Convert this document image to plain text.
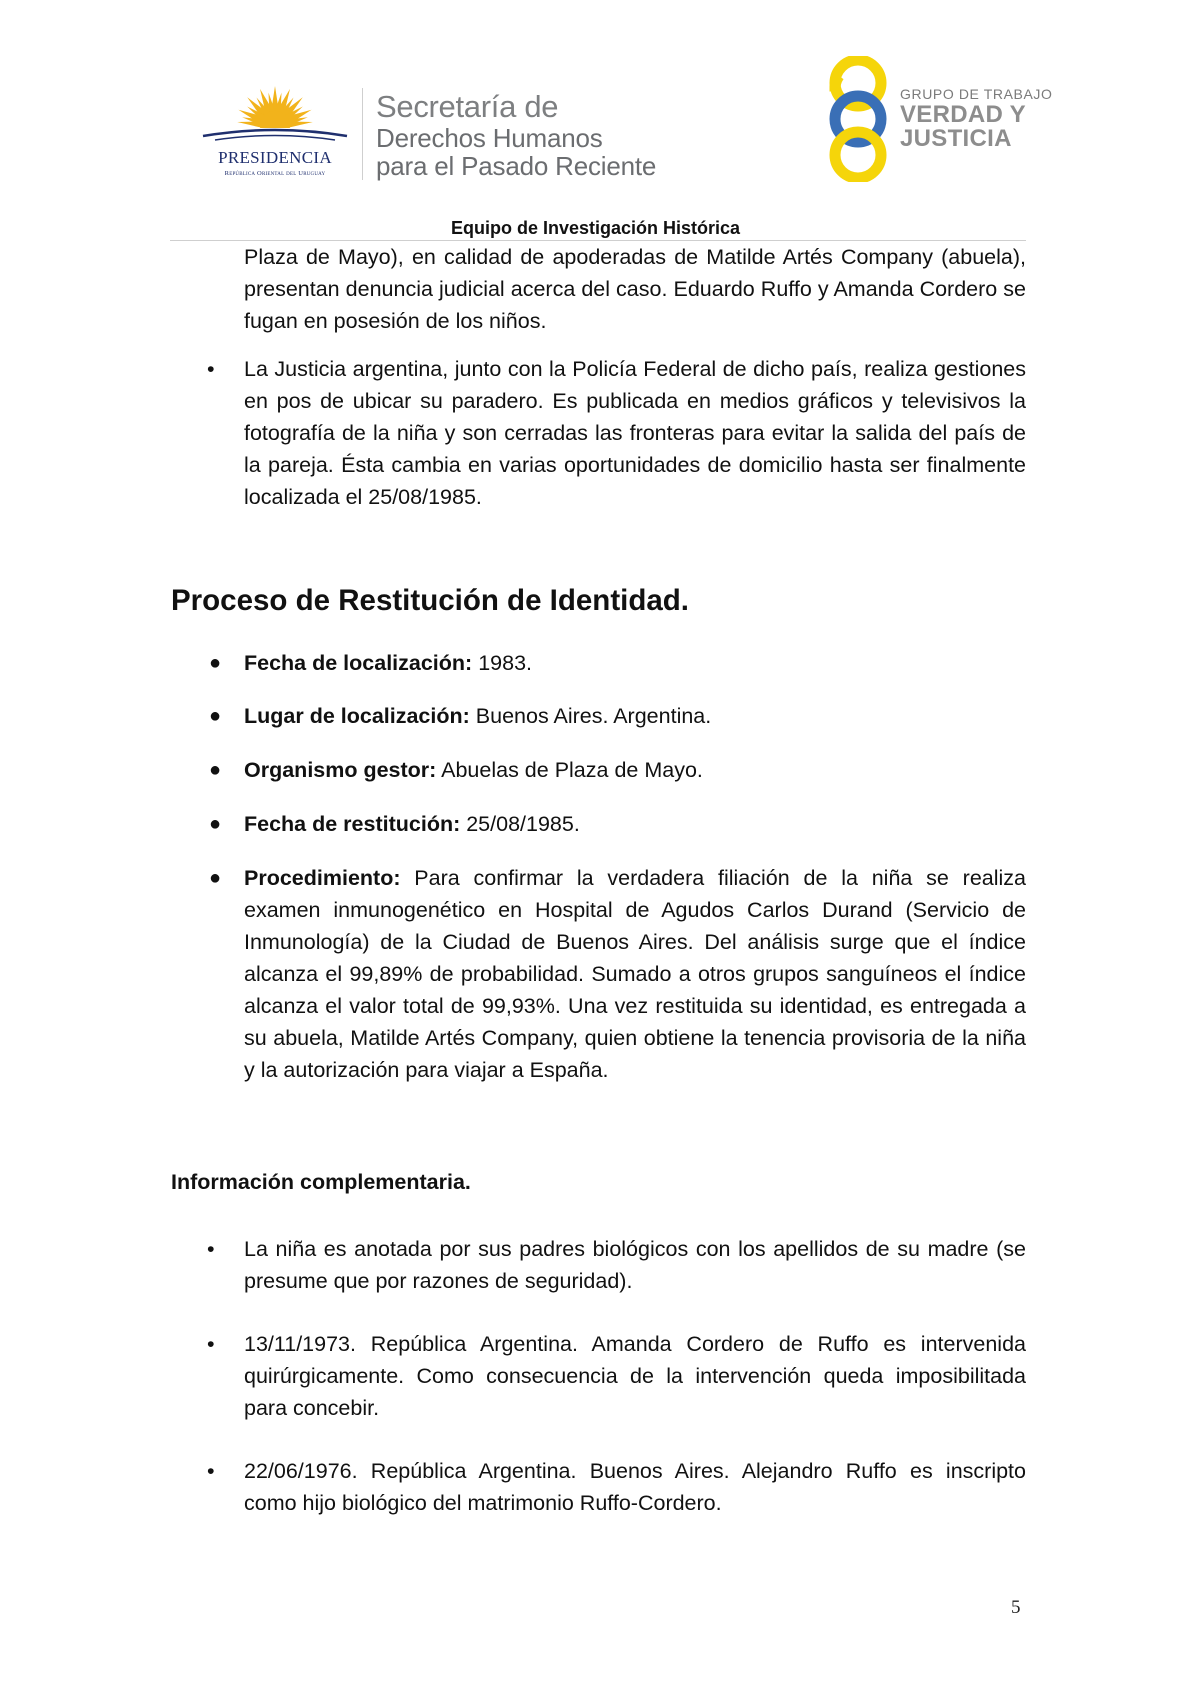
PRESIDENCIA
República Oriental del Uruguay
Secretaría de
Derechos Humanos
para el Pasado Reciente
GRUPO DE TRABAJO
VERDAD Y
JUSTICIA
Equipo de Investigación Histórica
Plaza de Mayo), en calidad de apoderadas de Matilde Artés Company (abuela), presentan denuncia judicial acerca del caso. Eduardo Ruffo y Amanda Cordero se fugan en posesión de los niños.
• La Justicia argentina, junto con la Policía Federal de dicho país, realiza gestiones en pos de ubicar su paradero. Es publicada en medios gráficos y televisivos la fotografía de la niña y son cerradas las fronteras para evitar la salida del país de la pareja. Ésta cambia en varias oportunidades de domicilio hasta ser finalmente localizada el 25/08/1985.
Proceso de Restitución de Identidad.
● Fecha de localización: 1983.
● Lugar de localización: Buenos Aires. Argentina.
● Organismo gestor: Abuelas de Plaza de Mayo.
● Fecha de restitución: 25/08/1985.
● Procedimiento: Para confirmar la verdadera filiación de la niña se realiza examen inmunogenético en Hospital de Agudos Carlos Durand (Servicio de Inmunología) de la Ciudad de Buenos Aires. Del análisis surge que el índice alcanza el 99,89% de probabilidad. Sumado a otros grupos sanguíneos el índice alcanza el valor total de 99,93%. Una vez restituida su identidad, es entregada a su abuela, Matilde Artés Company, quien obtiene la tenencia provisoria de la niña y la autorización para viajar a España.
Información complementaria.
• La niña es anotada por sus padres biológicos con los apellidos de su madre (se presume que por razones de seguridad).
• 13/11/1973. República Argentina. Amanda Cordero de Ruffo es intervenida quirúrgicamente. Como consecuencia de la intervención queda imposibilitada para concebir.
• 22/06/1976. República Argentina. Buenos Aires. Alejandro Ruffo es inscripto como hijo biológico del matrimonio Ruffo-Cordero.
5
